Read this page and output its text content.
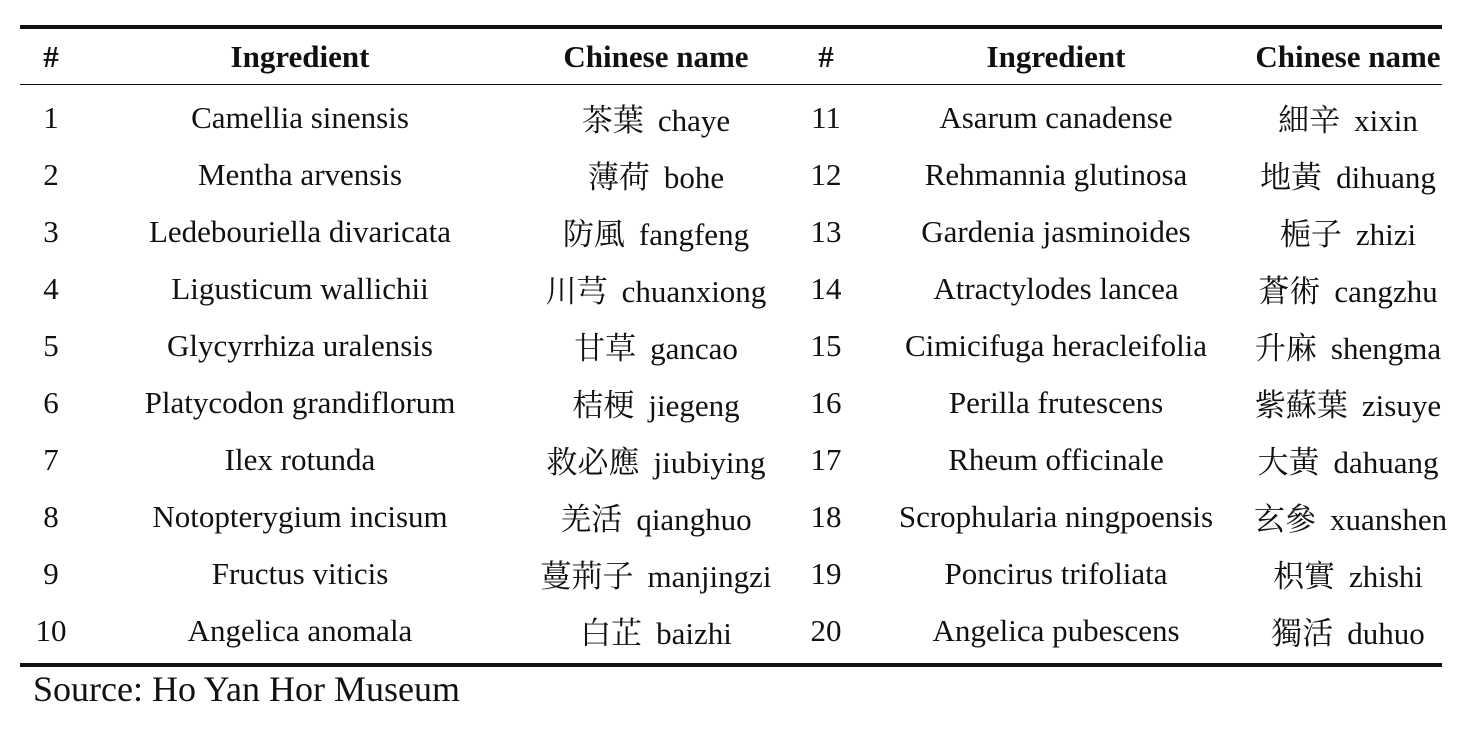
#	Ingredient	Chinese name	#	Ingredient	Chinese name
1	Camellia sinensis	茶葉 chaye	11	Asarum canadense	細辛 xixin
2	Mentha arvensis	薄荷 bohe	12	Rehmannia glutinosa	地黃 dihuang
3	Ledebouriella divaricata	防風 fangfeng	13	Gardenia jasminoides	梔子 zhizi
4	Ligusticum wallichii	川芎 chuanxiong	14	Atractylodes lancea	蒼術 cangzhu
5	Glycyrrhiza uralensis	甘草 gancao	15	Cimicifuga heracleifolia	升麻 shengma
6	Platycodon grandiflorum	桔梗 jiegeng	16	Perilla frutescens	紫蘇葉 zisuye
7	Ilex rotunda	救必應 jiubiying	17	Rheum officinale	大黃 dahuang
8	Notopterygium incisum	羌活 qianghuo	18	Scrophularia ningpoensis	玄參 xuanshen
9	Fructus viticis	蔓荊子 manjingzi	19	Poncirus trifoliata	枳實 zhishi
10	Angelica anomala	白芷 baizhi	20	Angelica pubescens	獨活 duhuo
Source: Ho Yan Hor Museum
